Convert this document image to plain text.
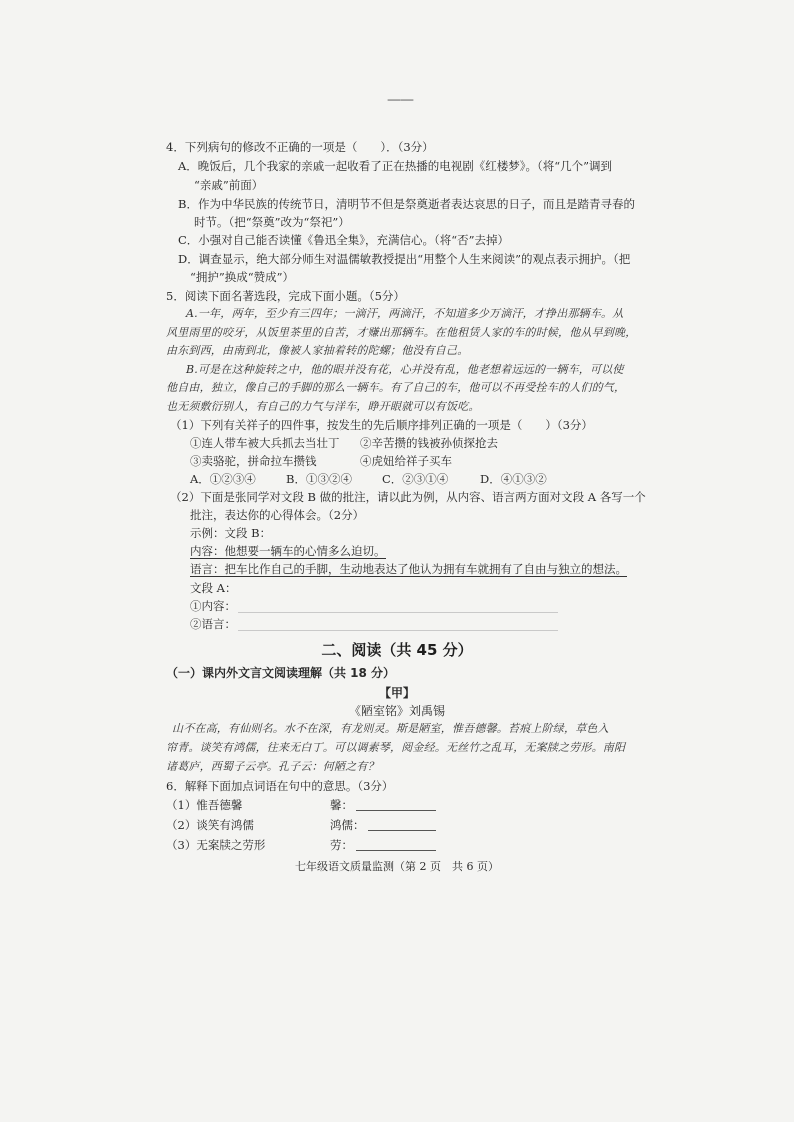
——
4．下列病句的修改不正确的一项是（　　）．（3分）
A．晚饭后，几个我家的亲戚一起收看了正在热播的电视剧《红楼梦》。（将“几个”调到
“亲戚”前面）
B．作为中华民族的传统节日，清明节不但是祭奠逝者表达哀思的日子，而且是踏青寻春的
时节。（把“祭奠”改为“祭祀”）
C．小强对自己能否读懂《鲁迅全集》，充满信心。（将“否”去掉）
D．调查显示，绝大部分师生对温儒敏教授提出“用整个人生来阅读”的观点表示拥护。（把
“拥护”换成“赞成”）
5．阅读下面名著选段，完成下面小题。（5分）
A.一年，两年，至少有三四年；一滴汗，两滴汗，不知道多少万滴汗，才挣出那辆车。从
风里雨里的咬牙，从饭里茶里的自苦，才赚出那辆车。在他租赁人家的车的时候，他从早到晚，
由东到西，由南到北，像被人家抽着转的陀螺；他没有自己。
B.可是在这种旋转之中，他的眼并没有花，心并没有乱，他老想着远远的一辆车，可以使
他自由，独立，像自己的手脚的那么一辆车。有了自己的车，他可以不再受拴车的人们的气，
也无须敷衍别人，有自己的力气与洋车，睁开眼就可以有饭吃。
（1）下列有关祥子的四件事，按发生的先后顺序排列正确的一项是（　　）（3分）
①连人带车被大兵抓去当壮丁 ②辛苦攒的钱被孙侦探抢去
③卖骆驼，拼命拉车攒钱	④虎妞给祥子买车
A．①②③④	B．①③②④	C．②③①④	D．④①③②
（2）下面是张同学对文段 B 做的批注，请以此为例，从内容、语言两方面对文段 A 各写一个
批注，表达你的心得体会。（2分）
示例：文段 B：
内容：他想要一辆车的心情多么迫切。
语言：把车比作自己的手脚，生动地表达了他认为拥有车就拥有了自由与独立的想法。
文段 A：
①内容：
②语言：
二、阅读（共 45 分）
（一）课内外文言文阅读理解（共 18 分）
【甲】
《陋室铭》刘禹锡
山不在高，有仙则名。水不在深，有龙则灵。斯是陋室，惟吾德馨。苔痕上阶绿，草色入
帘青。谈笑有鸿儒，往来无白丁。可以调素琴，阅金经。无丝竹之乱耳，无案牍之劳形。南阳
诸葛庐，西蜀子云亭。孔子云：何陋之有？
6．解释下面加点词语在句中的意思。（3分）
（1）惟吾德馨	馨：
（2）谈笑有鸿儒	鸿儒：
（3）无案牍之劳形	劳：
七年级语文质量监测（第 2 页　共 6 页）
